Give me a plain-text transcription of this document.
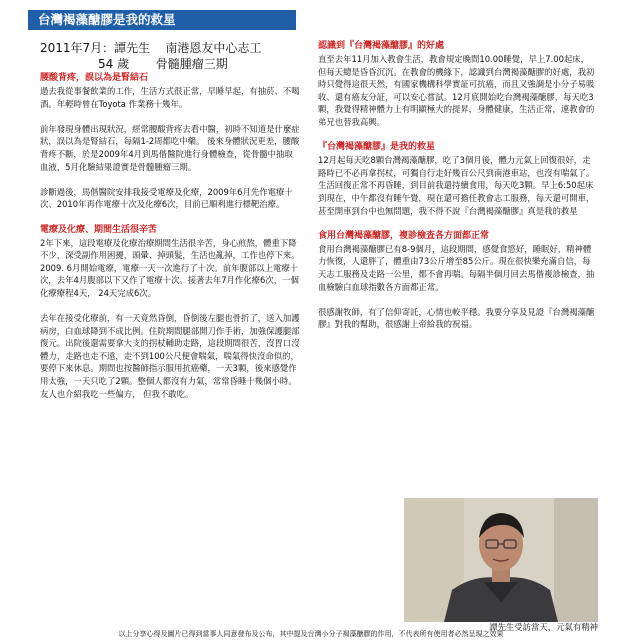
台灣褐藻醣膠是我的救星

2011年7月：譚先生    南港恩友中心志工

54 歲       骨髓腫瘤三期

腰酸背疼，誤以為是腎結石

過去我從事餐飲業的工作，生活方式很正常，早睡早起，有抽菸、不喝酒。年輕時曾在Toyota 作業務十幾年。

前年發現身體出現狀況，經常腰酸背疼去看中醫，初時不知道是什麼症狀，誤以為是腎結石，每隔1-2周都吃中藥。 後來身體狀況更差，腰酸背疼不斷，於是2009年4月到馬偕醫院進行身體檢查，從骨髓中抽取血液，5月化驗結果證實是骨髓腫瘤三期。

診斷過後，馬偕醫院安排我接受電療及化療，2009年6月先作電療十次、2010年再作電療十次及化療6次，目前已順利進行標靶治療。

電療及化療、期間生活很辛苦

2年下來，這段電療及化療治療期間生活很辛苦，身心煎熬，體重下降不少，深受副作用困擾，頭暈、掉頭髮，生活也亂掉，工作也停下來。2009. 6月開始電療，電療一天一次進行了十次。前年腹部以上電療十次，去年4月腹部以下又作了電療十次。接著去年7月作化療6次，一個化療療程4天， 24天完成6次。

去年在接受化療前，有一天竟然昏倒，昏倒後左腿也骨折了，送入加護病房，白血球降到不成比例。住院期間腿部開刀作手術，加強保護腿部復元。出院後還需要拿大支的拐杖輔助走路，這段期間很苦，沒胃口沒體力，走路也走不遠，走不到100公尺便會喘氣，喘氣得快沒命似的，要停下來休息。期間也按醫師指示服用抗癌藥，一天3顆，後來感覺作用太強，一天只吃了2顆。整個人都沒有力氣，常常昏睡十幾個小時。

友人也介紹我吃一些偏方， 但我不敢吃。

認識到『台灣褐藻醣膠』的好處

直至去年11月加入教會生活，教會規定晚間10.00睡覺，早上7.00起床，但每天總是昏昏沉沉。在教會的機緣下，認識到台灣褐藻醣膠的好處，我初時只覺得這很天然，有國家機構科學實証可抗癌，而且又強調是小分子易吸收、還有癌友分証，可以安心嘗試。12月底開始吃台灣褐藻醣膠，每天吃3顆，我覺得精神體力上有明顯極大的提昇，身體健康，生活正常，連教會的弟兄也替我高興。

『台灣褐藻醣膠』是我的救星

12月起每天吃8顆台灣褐藻醣膠，吃了3個月後，體力元氣上回復很好，走路時已不必再拿拐杖，可獨自行走好幾百公尺到南港車站，也沒有喘氣了。生活回復正常不再昏睡，到目前我還持續食用，每天吃3顆。早上6:50起床到現在，中午都沒有睡午覺，現在還可擔任教會志工服務，每天還可開車，甚至開車到台中也無問題，我不得不說『台灣褐藻醣膠』真是我的救星

食用台灣褐藻醣膠，複診檢查各方面都正常

食用台灣褐藻醣膠已有8-9個月，這段期間，感覺食慾好，睡眠好，精神體力恢復，人還胖了，體重由73公斤增至85公斤。現在很快樂充滿自信，每天志工服務及走路一公里，都不會再喘。每隔半個月回去馬偕複診檢查，抽血檢驗白血球指數各方面都正常。

很感謝牧師，有了信仰寄託，心情也較平穩。我要分享及見證『台灣褐藻醣膠』對我的幫助，很感謝上帝給我的祝福。

譚先生受訪當天，元氣有精神
以上分享心得及圖片已得到當事人同意發布及公布，其中提及台灣小分子褐藻醣膠的作用，不代表所有使用者必然呈現之效果
